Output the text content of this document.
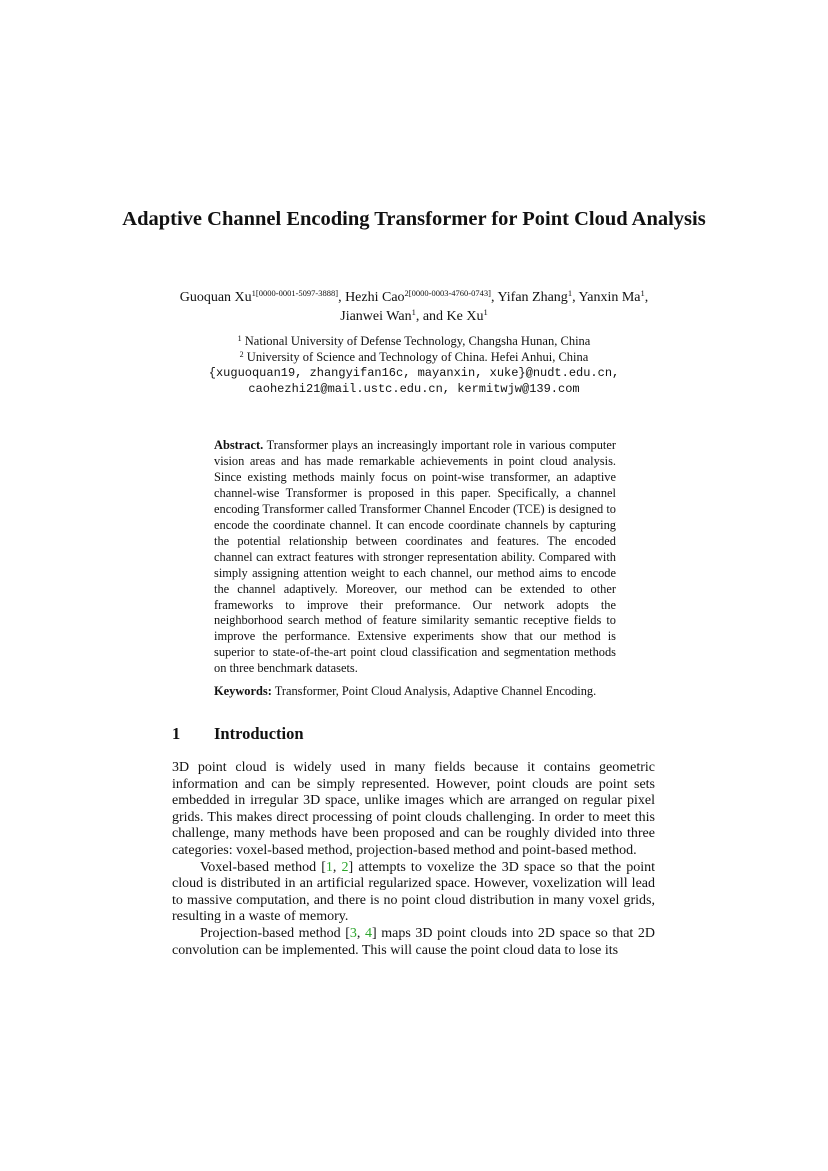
Adaptive Channel Encoding Transformer for Point Cloud Analysis
Guoquan $Xu^{1[0000-0001-5097-3888]}$, Hezhi Cao$^{2[0000-0003-4760-0743]}$, Yifan Zhang$^1$, Yanxin Ma$^1$, Jianwei Wan$^1$, and Ke Xu$^1$
$^1$ National University of Defense Technology, Changsha Hunan, China
$^2$ University of Science and Technology of China. Hefei Anhui, China
{xuguoquan19, zhangyifan16c, mayanxin, xuke}@nudt.edu.cn,
caohezhi21@mail.ustc.edu.cn, kermitwjw@139.com
Abstract. Transformer plays an increasingly important role in various computer vision areas and has made remarkable achievements in point cloud analysis. Since existing methods mainly focus on point-wise transformer, an adaptive channel-wise Transformer is proposed in this paper. Specifically, a channel encoding Transformer called Transformer Channel Encoder (TCE) is designed to encode the coordinate channel. It can encode coordinate channels by capturing the potential relationship between coordinates and features. The encoded channel can extract features with stronger representation ability. Compared with simply assigning attention weight to each channel, our method aims to encode the channel adaptively. Moreover, our method can be extended to other frameworks to improve their preformance. Our network adopts the neighborhood search method of feature similarity semantic receptive fields to improve the performance. Extensive experiments show that our method is superior to state-of-the-art point cloud classification and segmentation methods on three benchmark datasets.
Keywords: Transformer, Point Cloud Analysis, Adaptive Channel Encoding.
1 Introduction

3D point cloud is widely used in many fields because it contains geometric information and can be simply represented. However, point clouds are point sets embedded in irregular 3D space, unlike images which are arranged on regular pixel grids. This makes direct processing of point clouds challenging. In order to meet this challenge, many methods have been proposed and can be roughly divided into three categories: voxel-based method, projection-based method and point-based method.

Voxel-based method [1, 2] attempts to voxelize the 3D space so that the point cloud is distributed in an artificial regularized space. However, voxelization will lead to massive computation, and there is no point cloud distribution in many voxel grids, resulting in a waste of memory.

Projection-based method [3, 4] maps 3D point clouds into 2D space so that 2D convolution can be implemented. This will cause the point cloud data to lose its
